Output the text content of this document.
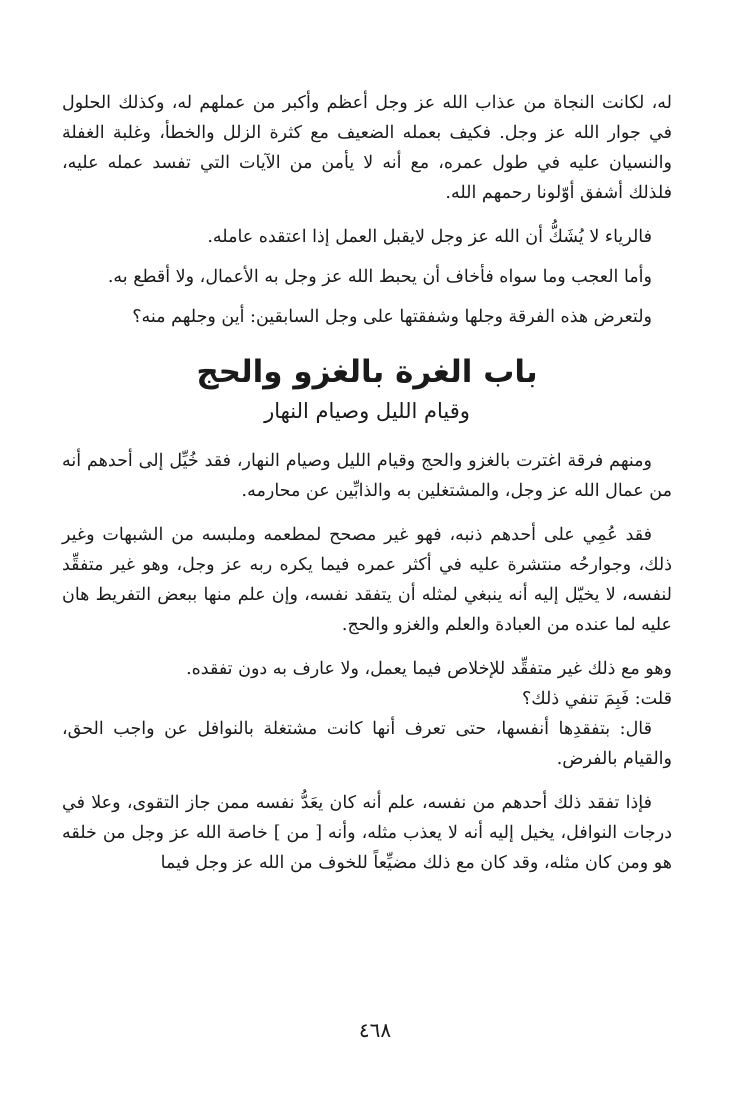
له، لكانت النجاة من عذاب الله عز وجل أعظم وأكبر من عملهم له، وكذلك الحلول في جوار الله عز وجل. فكيف بعمله الضعيف مع كثرة الزلل والخطأ، وغلبة الغفلة والنسيان عليه في طول عمره، مع أنه لا يأمن من الآيات التي تفسد عمله عليه، فلذلك أشفق أوّلونا رحمهم الله.

فالرياء لا يُشَكُّ أن الله عز وجل لايقبل العمل إذا اعتقده عامله.

وأما العجب وما سواه فأخاف أن يحبط الله عز وجل به الأعمال، ولا أقطع به.

ولتعرض هذه الفرقة وجلها وشفقتها على وجل السابقين: أين وجلهم منه؟

باب الغرة بالغزو والحج
وقيام الليل وصيام النهار

ومنهم فرقة اغترت بالغزو والحج وقيام الليل وصيام النهار، فقد خُيِّل إلى أحدهم أنه من عمال الله عز وجل، والمشتغلين به والذابِّين عن محارمه.

فقد عُمِي على أحدهم ذنبه، فهو غير مصحح لمطعمه وملبسه من الشبهات وغير ذلك، وجوارحُه منتشرة عليه في أكثر عمره فيما يكره ربه عز وجل، وهو غير متفقِّد لنفسه، لا يخيّل إليه أنه ينبغي لمثله أن يتفقد نفسه، وإن علم منها ببعض التفريط هان عليه لما عنده من العبادة والعلم والغزو والحج.

وهو مع ذلك غير متفقِّد للإخلاص فيما يعمل، ولا عارف به دون تفقده.

قلت: فَبِمَ تنفي ذلك؟

قال: بتفقدِها أنفسها، حتى تعرف أنها كانت مشتغلة بالنوافل عن واجب الحق، والقيام بالفرض.

فإذا تفقد ذلك أحدهم من نفسه، علم أنه كان يعَدُّ نفسه ممن جاز التقوى، وعلا في درجات النوافل، يخيل إليه أنه لا يعذب مثله، وأنه [ من ] خاصة الله عز وجل من خلقه هو ومن كان مثله، وقد كان مع ذلك مضيِّعاً للخوف من الله عز وجل فيما

٤٦٨
